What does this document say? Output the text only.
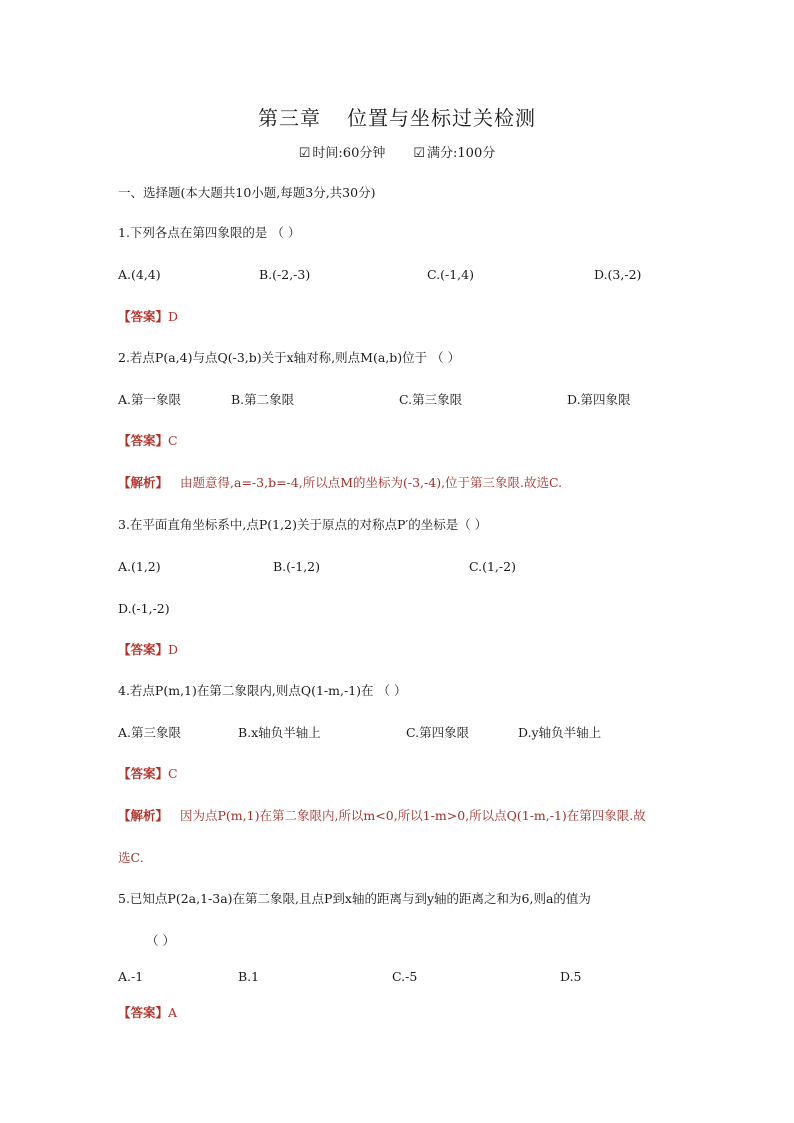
第三章 位置与坐标过关检测
☑ 时间:60分钟 ☑ 满分:100分
一、选择题(本大题共10小题,每题3分,共30分)
1.下列各点在第四象限的是 （ ）
A.(4,4)	B.(-2,-3)	C.(-1,4)	D.(3,-2)
【答案】D
2.若点P(a,4)与点Q(-3,b)关于x轴对称,则点M(a,b)位于 （ ）
A.第一象限	B.第二象限	C.第三象限	D.第四象限
【答案】C
【解析】 由题意得,a=-3,b=-4,所以点M的坐标为(-3,-4),位于第三象限.故选C.
3.在平面直角坐标系中,点P(1,2)关于原点的对称点P′的坐标是（ ）
A.(1,2)	B.(-1,2)	C.(1,-2)
D.(-1,-2)
【答案】D
4.若点P(m,1)在第二象限内,则点Q(1-m,-1)在 （ ）
A.第三象限	B.x轴负半轴上	C.第四象限	D.y轴负半轴上
【答案】C
【解析】 因为点P(m,1)在第二象限内,所以m<0,所以1-m>0,所以点Q(1-m,-1)在第四象限.故
选C.
5.已知点P(2a,1-3a)在第二象限,且点P到x轴的距离与到y轴的距离之和为6,则a的值为
（ ）
A.-1	B.1	C.-5	D.5
【答案】A
